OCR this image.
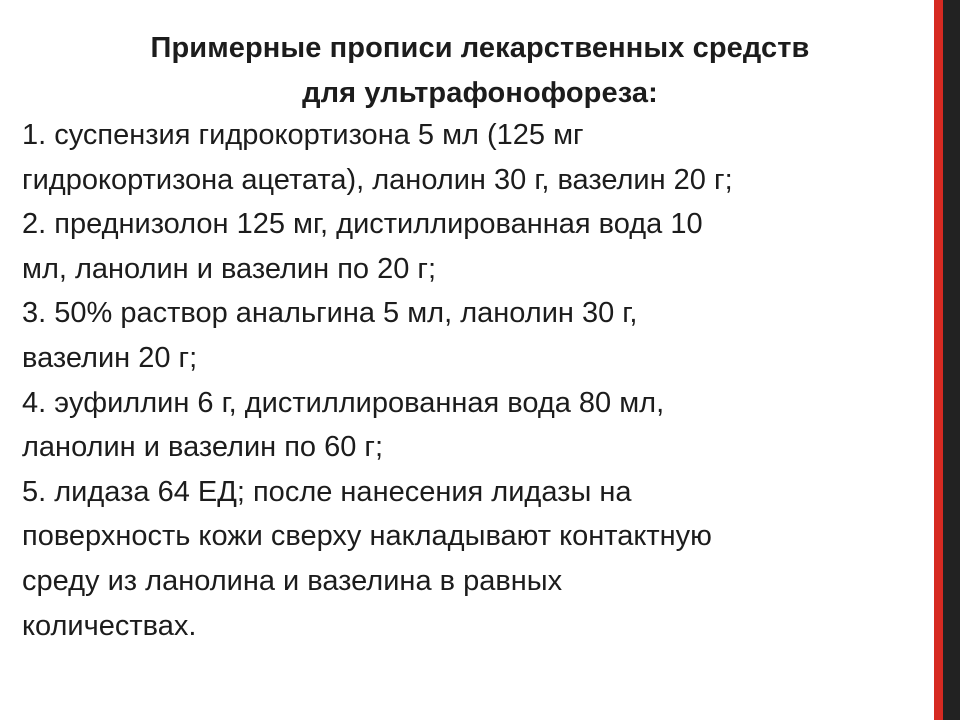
Примерные прописи лекарственных средств
для ультрафонофореза:
1. суспензия гидрокортизона 5 мл (125 мг
гидрокортизона ацетата), ланолин 30 г, вазелин 20 г;
2. преднизолон 125 мг, дистиллированная вода 10
мл, ланолин и вазелин по 20 г;
3. 50% раствор анальгина 5 мл, ланолин 30 г,
вазелин 20 г;
4. эуфиллин 6 г, дистиллированная вода 80 мл,
ланолин и вазелин по 60 г;
5. лидаза 64 ЕД; после нанесения лидазы на
поверхность кожи сверху накладывают контактную
среду из ланолина и вазелина в равных
количествах.
